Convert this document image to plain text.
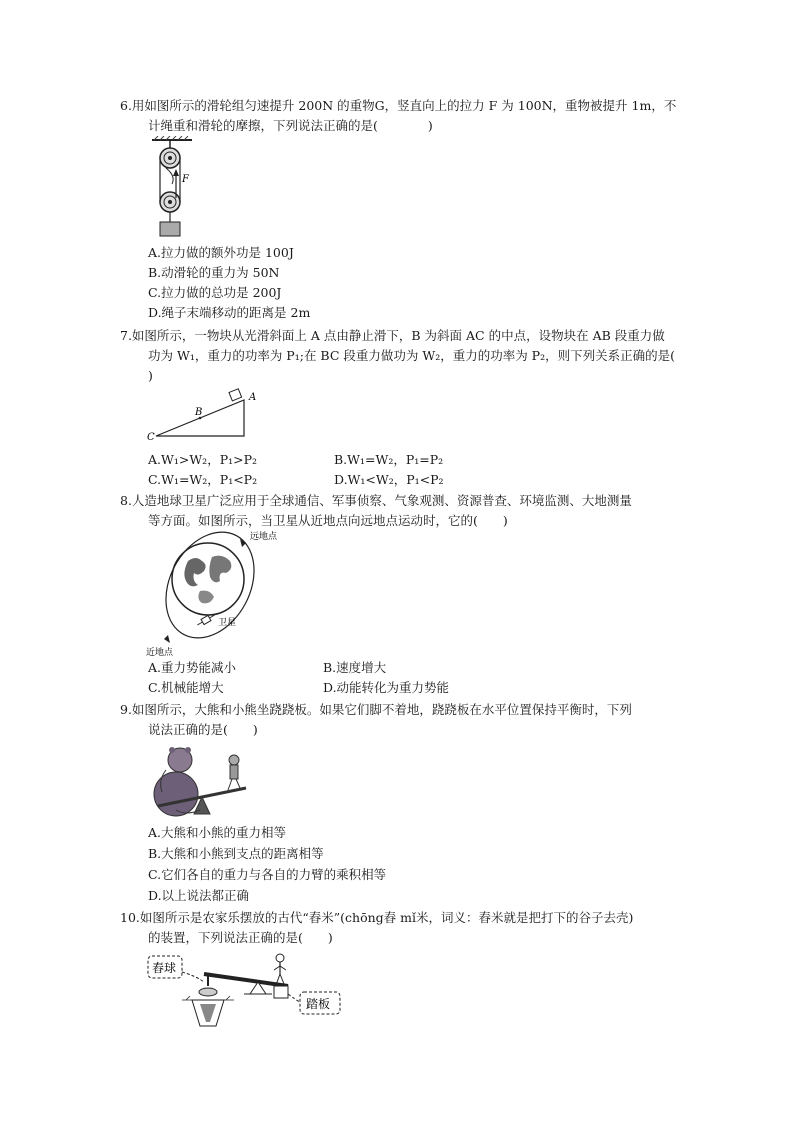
6.用如图所示的滑轮组匀速提升 200N 的重物G，竖直向上的拉力 F 为 100N，重物被提升 1m，不
计绳重和滑轮的摩擦，下列说法正确的是(　　　　)
F
A.拉力做的额外功是 100J
B.动滑轮的重力为 50N
C.拉力做的总功是 200J
D.绳子末端移动的距离是 2m
7.如图所示，一物块从光滑斜面上 A 点由静止滑下，B 为斜面 AC 的中点，设物块在 AB 段重力做
功为 W₁，重力的功率为 P₁;在 BC 段重力做功为 W₂，重力的功率为 P₂，则下列关系正确的是(
)
B
A
C
A.W₁>W₂，P₁>P₂	B.W₁=W₂，P₁=P₂
C.W₁=W₂，P₁<P₂	D.W₁<W₂，P₁<P₂
8.人造地球卫星广泛应用于全球通信、军事侦察、气象观测、资源普查、环境监测、大地测量
等方面。如图所示，当卫星从近地点向远地点运动时，它的(　　)
远地点
卫星
近地点
A.重力势能减小	B.速度增大
C.机械能增大	D.动能转化为重力势能
9.如图所示，大熊和小熊坐跷跷板。如果它们脚不着地，跷跷板在水平位置保持平衡时，下列
说法正确的是(　　)
A.大熊和小熊的重力相等
B.大熊和小熊到支点的距离相等
C.它们各自的重力与各自的力臂的乘积相等
D.以上说法都正确
10.如图所示是农家乐摆放的古代“舂米”(chōng舂 mǐ米，词义：舂米就是把打下的谷子去壳)
的装置，下列说法正确的是(　　)
舂球
踏板
